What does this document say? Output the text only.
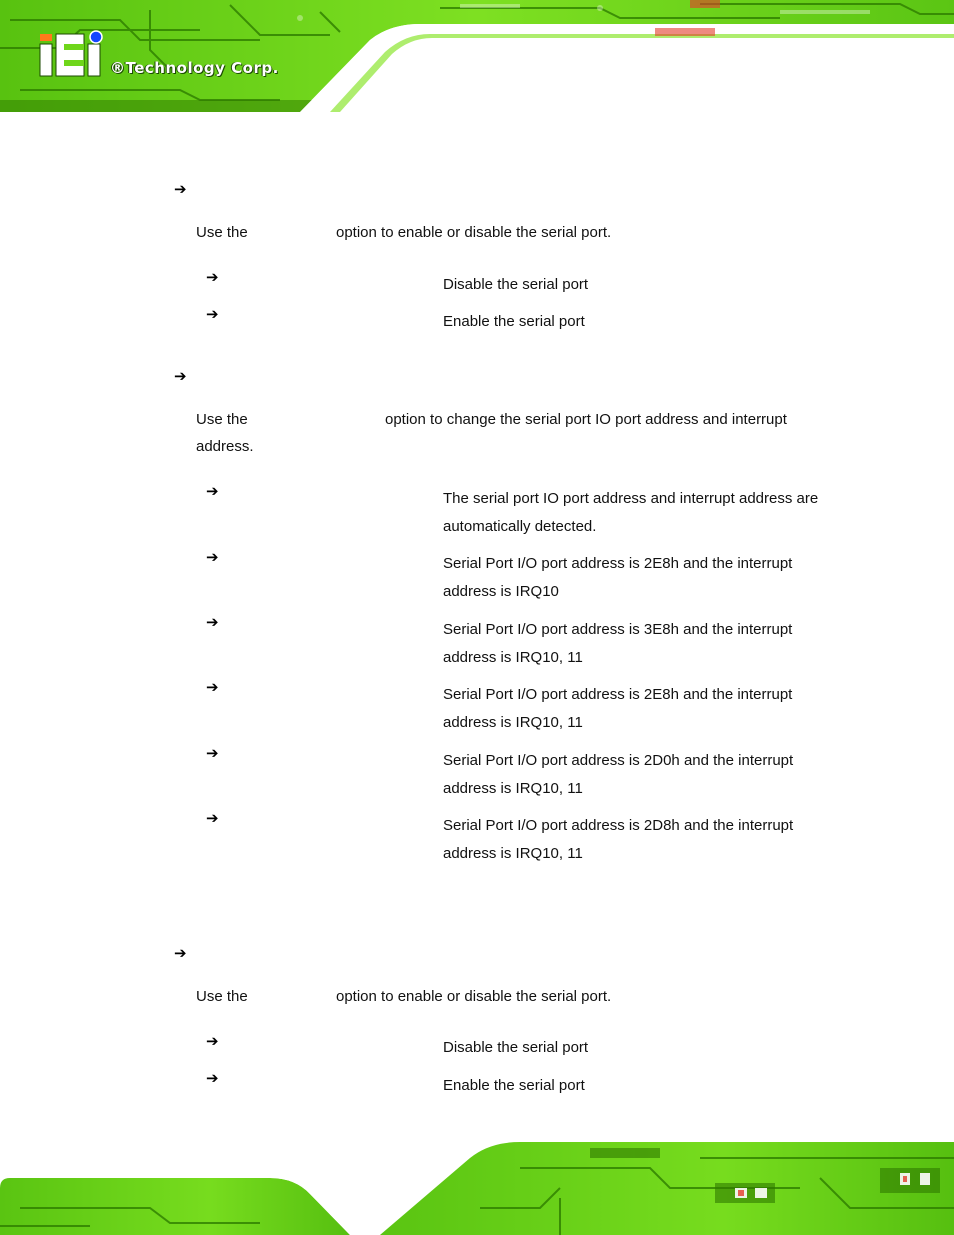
®Technology Corp.
➔
Use the	option to enable or disable the serial port.
➔	Disable the serial port
➔	Enable the serial port
➔
Use the	option to change the serial port IO port address and interrupt
address.
➔	The serial port IO port address and interrupt address are automatically detected.
➔	Serial Port I/O port address is 2E8h and the interrupt address is IRQ10
➔	Serial Port I/O port address is 3E8h and the interrupt address is IRQ10, 11
➔	Serial Port I/O port address is 2E8h and the interrupt address is IRQ10, 11
➔	Serial Port I/O port address is 2D0h and the interrupt address is IRQ10, 11
➔	Serial Port I/O port address is 2D8h and the interrupt address is IRQ10, 11
➔
Use the	option to enable or disable the serial port.
➔	Disable the serial port
➔	Enable the serial port
